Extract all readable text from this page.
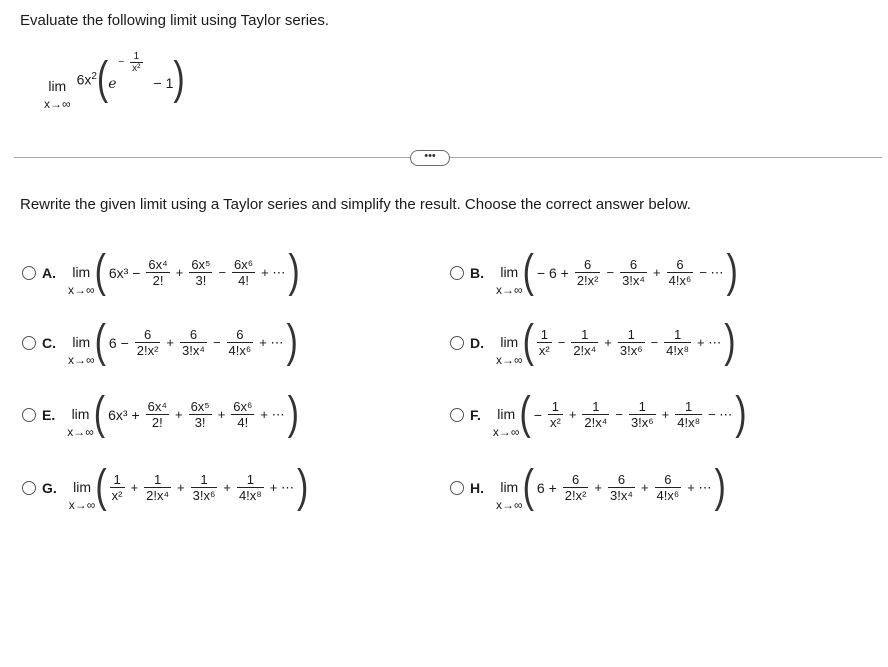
Evaluate the following limit using Taylor series.
lim
x→∞
$6x^2$ ( e
− $\frac{1}{\text{x²}}$
− 1 )
•••
Rewrite the given limit using a Taylor series and simplify the result. Choose the correct answer below.
A.	lim
x→∞ ( $6x^3 - \frac{\text{6x⁴}}{2!} + \frac{\text{6x⁵}}{3!} - \frac{\text{6x⁶}}{4!}$ + ⋯ )	B.	lim
x→∞ ( − $6 + \frac{6}{\text{2!x²}} - \frac{6}{\text{3!x⁴}} + \frac{6}{\text{4!x⁶}}$ − ⋯ )
C.	lim
x→∞ ( $6 - \frac{6}{\text{2!x²}} + \frac{6}{\text{3!x⁴}} - \frac{6}{\text{4!x⁶}}$ + ⋯ )	D.	lim
x→∞ ( $\frac{1}{\text{x²}} - \frac{1}{\text{2!x⁴}} + \frac{1}{\text{3!x⁶}} - \frac{1}{\text{4!x⁸}}$ + ⋯ )
E.	lim
x→∞ ( $6x^3 + \frac{\text{6x⁴}}{2!} + \frac{\text{6x⁵}}{3!} + \frac{\text{6x⁶}}{4!}$ + ⋯ )	F.	lim
x→∞ ( − $\frac{1}{\text{x²}} + \frac{1}{\text{2!x⁴}} - \frac{1}{\text{3!x⁶}} + \frac{1}{\text{4!x⁸}}$ − ⋯ )
G.	lim
x→∞ ( $\frac{1}{\text{x²}} + \frac{1}{\text{2!x⁴}} + \frac{1}{\text{3!x⁶}} + \frac{1}{\text{4!x⁸}}$ + ⋯ )	H.	lim
x→∞ ( $6 + \frac{6}{\text{2!x²}} + \frac{6}{\text{3!x⁴}} + \frac{6}{\text{4!x⁶}}$ + ⋯ )
